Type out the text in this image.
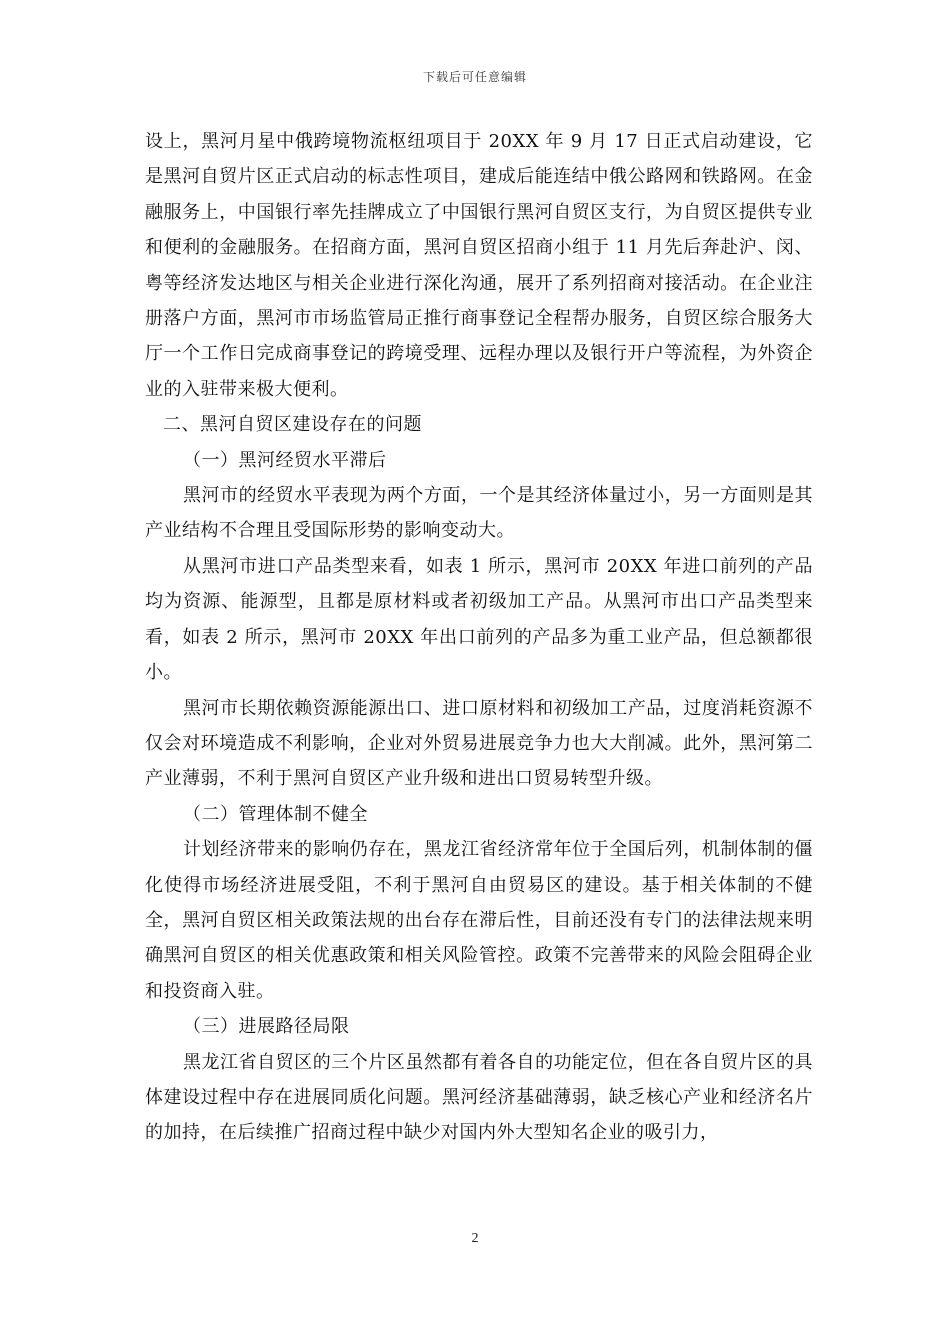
下载后可任意编辑

设上，黑河月星中俄跨境物流枢纽项目于 20XX 年 9 月 17 日正式启动建设，它是黑河自贸片区正式启动的标志性项目，建成后能连结中俄公路网和铁路网。在金融服务上，中国银行率先挂牌成立了中国银行黑河自贸区支行，为自贸区提供专业和便利的金融服务。在招商方面，黑河自贸区招商小组于 11 月先后奔赴沪、闵、粤等经济发达地区与相关企业进行深化沟通，展开了系列招商对接活动。在企业注册落户方面，黑河市市场监管局正推行商事登记全程帮办服务，自贸区综合服务大厅一个工作日完成商事登记的跨境受理、远程办理以及银行开户等流程，为外资企业的入驻带来极大便利。

二、黑河自贸区建设存在的问题

（一）黑河经贸水平滞后

黑河市的经贸水平表现为两个方面，一个是其经济体量过小，另一方面则是其产业结构不合理且受国际形势的影响变动大。

从黑河市进口产品类型来看，如表 1 所示，黑河市 20XX 年进口前列的产品均为资源、能源型，且都是原材料或者初级加工产品。从黑河市出口产品类型来看，如表 2 所示，黑河市 20XX 年出口前列的产品多为重工业产品，但总额都很小。

黑河市长期依赖资源能源出口、进口原材料和初级加工产品，过度消耗资源不仅会对环境造成不利影响，企业对外贸易进展竞争力也大大削减。此外，黑河第二产业薄弱，不利于黑河自贸区产业升级和进出口贸易转型升级。

（二）管理体制不健全

计划经济带来的影响仍存在，黑龙江省经济常年位于全国后列，机制体制的僵化使得市场经济进展受阻，不利于黑河自由贸易区的建设。基于相关体制的不健全，黑河自贸区相关政策法规的出台存在滞后性，目前还没有专门的法律法规来明确黑河自贸区的相关优惠政策和相关风险管控。政策不完善带来的风险会阻碍企业和投资商入驻。

（三）进展路径局限

黑龙江省自贸区的三个片区虽然都有着各自的功能定位，但在各自贸片区的具体建设过程中存在进展同质化问题。黑河经济基础薄弱，缺乏核心产业和经济名片的加持，在后续推广招商过程中缺少对国内外大型知名企业的吸引力，

2
